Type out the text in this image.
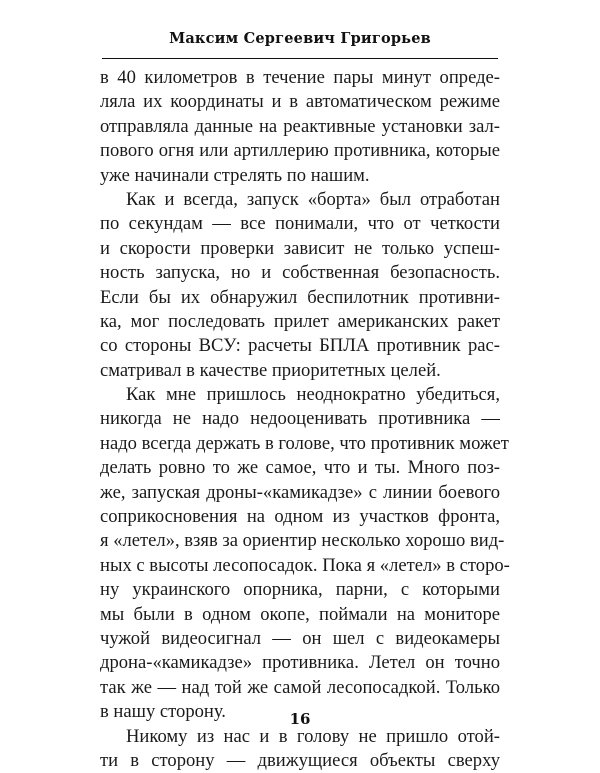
Максим Сергеевич Григорьев
в 40 километров в течение пары минут опреде-
ляла их координаты и в автоматическом режиме
отправляла данные на реактивные установки зал-
пового огня или артиллерию противника, которые
уже начинали стрелять по нашим.
Как и всегда, запуск «борта» был отработан
по секундам — все понимали, что от четкости
и скорости проверки зависит не только успеш-
ность запуска, но и собственная безопасность.
Если бы их обнаружил беспилотник противни-
ка, мог последовать прилет американских ракет
со стороны ВСУ: расчеты БПЛА противник рас-
сматривал в качестве приоритетных целей.
Как мне пришлось неоднократно убедиться,
никогда не надо недооценивать противника —
надо всегда держать в голове, что противник может
делать ровно то же самое, что и ты. Много поз-
же, запуская дроны-«камикадзе» с линии боевого
соприкосновения на одном из участков фронта,
я «летел», взяв за ориентир несколько хорошо вид-
ных с высоты лесопосадок. Пока я «летел» в сторо-
ну украинского опорника, парни, с которыми
мы были в одном окопе, поймали на мониторе
чужой видеосигнал — он шел с видеокамеры
дрона-«камикадзе» противника. Летел он точно
так же — над той же самой лесопосадкой. Только
в нашу сторону.
Никому из нас и в голову не пришло отой-
ти в сторону — движущиеся объекты сверху
16
